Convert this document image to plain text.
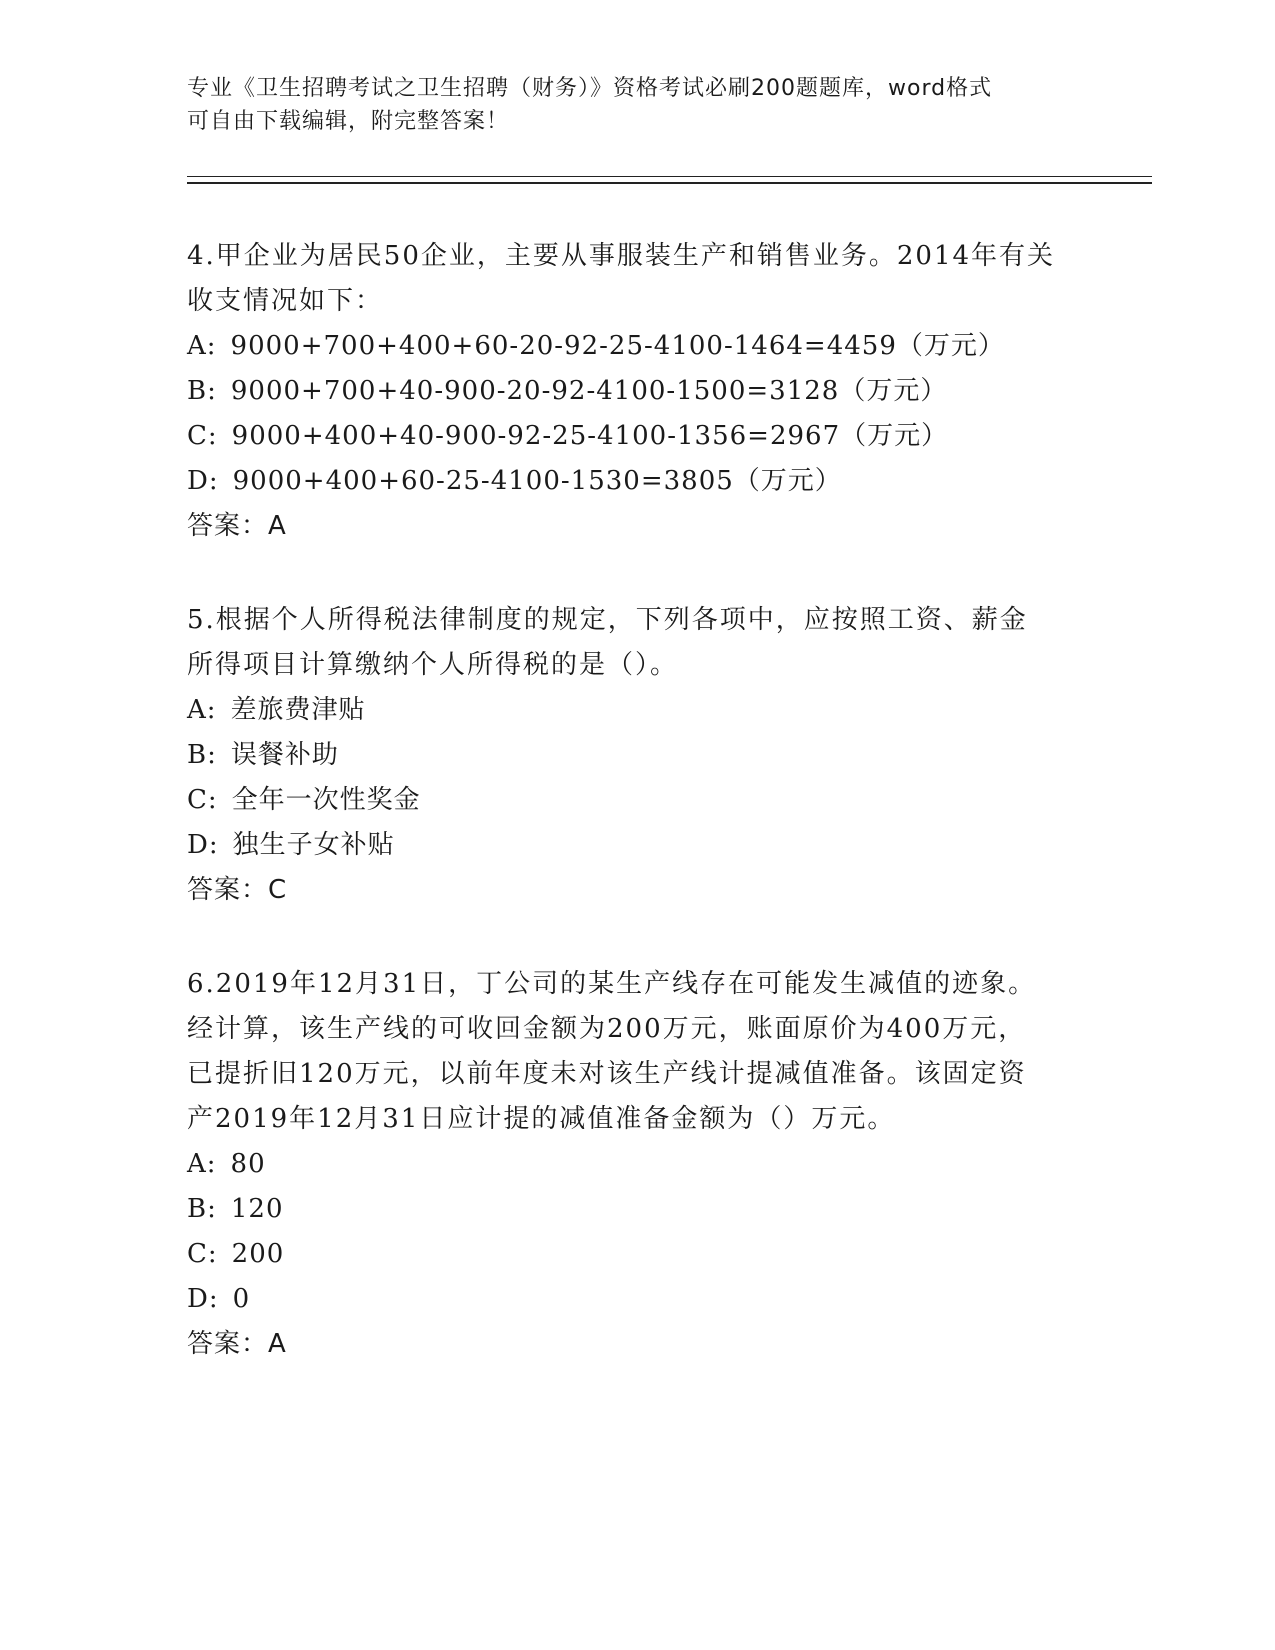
专业《卫生招聘考试之卫生招聘（财务）》资格考试必刷200题题库，word格式
可自由下载编辑，附完整答案！

4.甲企业为居民50企业，主要从事服装生产和销售业务。2014年有关

收支情况如下：

A: 9000+700+400+60-20-92-25-4100-1464=4459（万元）

B: 9000+700+40-900-20-92-4100-1500=3128（万元）

C: 9000+400+40-900-92-25-4100-1356=2967（万元）

D: 9000+400+60-25-4100-1530=3805（万元）

答案：A

5.根据个人所得税法律制度的规定，下列各项中，应按照工资、薪金

所得项目计算缴纳个人所得税的是（）。

A: 差旅费津贴

B: 误餐补助

C: 全年一次性奖金

D: 独生子女补贴

答案：C

6.2019年12月31日，丁公司的某生产线存在可能发生减值的迹象。

经计算，该生产线的可收回金额为200万元，账面原价为400万元，

已提折旧120万元，以前年度未对该生产线计提减值准备。该固定资

产2019年12月31日应计提的减值准备金额为（）万元。

A: 80

B: 120

C: 200

D: 0

答案：A
